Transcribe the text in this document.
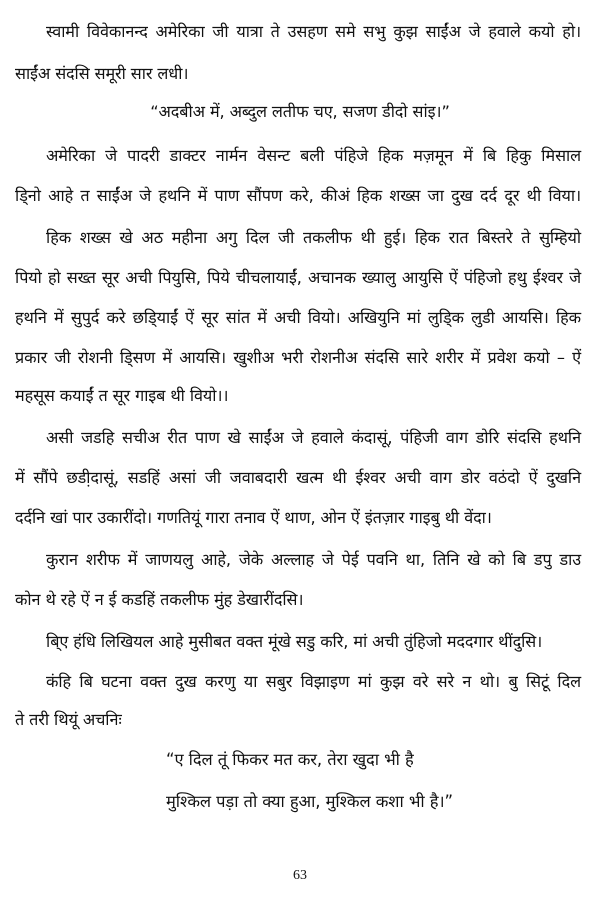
स्वामी विवेकानन्द अमेरिका जी यात्रा ते उसहण समे सभु कुझ साईंअ जे हवाले कयो हो।
साईंअ संदसि समूरी सार लधी।
“अदबीअ में, अब्दुल लतीफ चए, सजण डीदो सांइ।”
अमेरिका जे पादरी डाक्टर नार्मन वेसन्ट बली पंहिजे हिक मज़मून में बि हिकु मिसाल
डि्नो आहे त साईंअ जे हथनि में पाण सौंपण करे, कीअं हिक शख्स जा दुख दर्द दूर थी विया।
हिक शख्स खे अठ महीना अगु दिल जी तकलीफ थी हुई। हिक रात बिस्तरे ते सुम्हियो
पियो हो सख्त सूर अची पियुसि, पिये चीचलायाईं, अचानक ख्यालु आयुसि ऐं पंहिजो हथु ईश्वर जे
हथनि में सुपुर्द करे छडि्याईं ऐं सूर सांत में अची वियो। अखियुनि मां लुडि्क लुडी आयसि। हिक
प्रकार जी रोशनी डि्सण में आयसि। खुशीअ भरी रोशनीअ संदसि सारे शरीर में प्रवेश कयो – ऐं
महसूस कयाईं त सूर गाइब थी वियो।।
असी जडहि सचीअ रीत पाण खे साईंअ जे हवाले कंदासूं, पंहिजी वाग डोरि संदसि हथनि
में सौंपे छडी़दासूं, सडहिं असां जी जवाबदारी खत्म थी ईश्वर अची वाग डोर वठंदो ऐं दुखनि
दर्दनि खां पार उकारींदो। गणतियूं गारा तनाव ऐं थाण, ओन ऐं इंतज़ार गाइबु थी वेंदा।
कुरान शरीफ में जाणयलु आहे, जेके अल्लाह जे पेई पवनि था, तिनि खे को बि डपु डाउ
कोन थे रहे ऐं न ई कडहिं तकलीफ मुंह डेखारींदसि।
बि्ए हंधि लिखियल आहे मुसीबत वक्त मूंखे सडु करि, मां अची तुंहिजो मददगार थींदुसि।
कंहि बि घटना वक्त दुख करणु या सबुर विझाइण मां कुझ वरे सरे न थो। बु सिटूं दिल
ते तरी थियूं अचनिः
“ए दिल तूं फिकर मत कर, तेरा खुदा भी है
मुश्किल पड़ा तो क्या हुआ, मुश्किल कशा भी है।”
63
